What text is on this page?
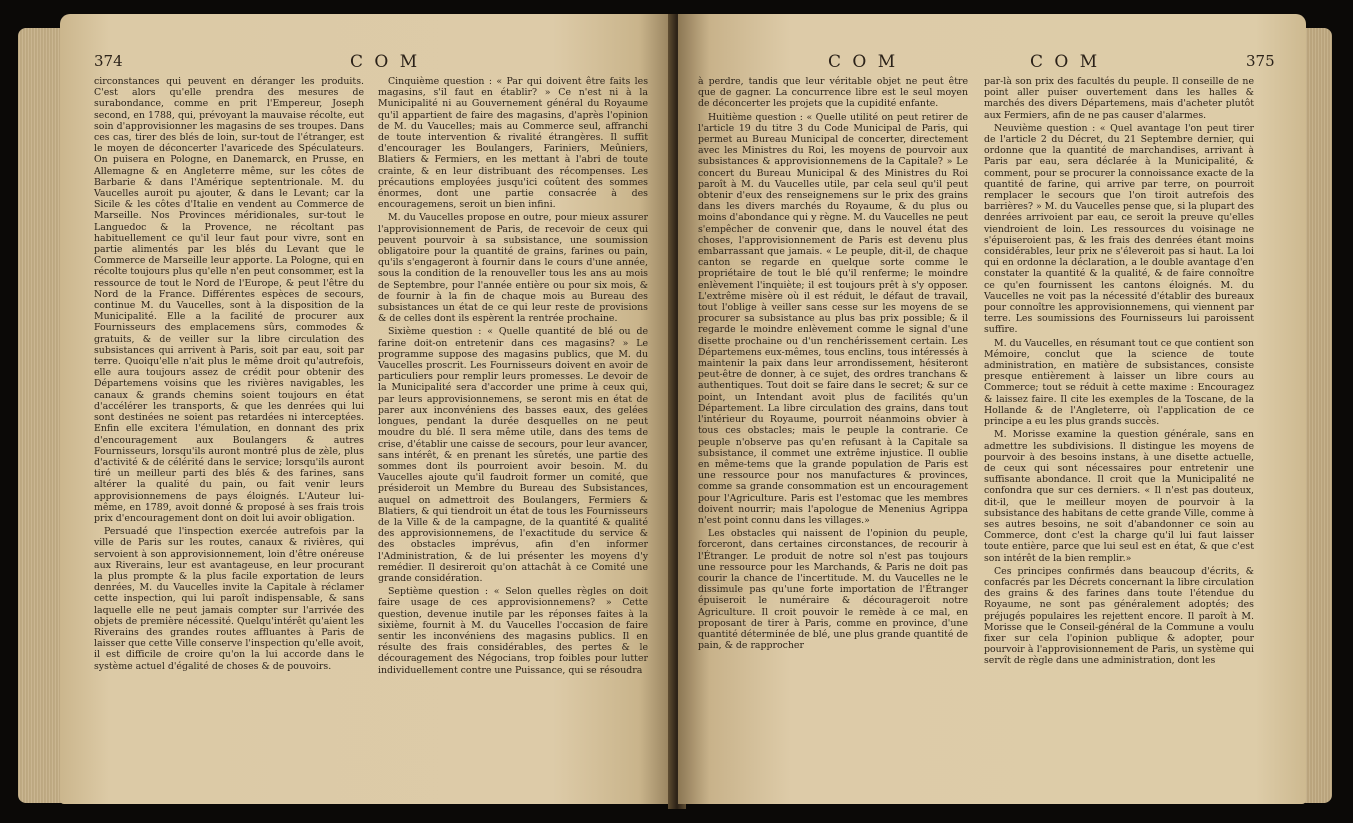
374	C O M

circonstances qui peuvent en déranger les produits. C'est alors qu'elle prendra des mesures de surabondance, comme en prit l'Empereur, Joseph second, en 1788, qui, prévoyant la mauvaise récolte, eut soin d'approvisionner les magasins de ses troupes. Dans ces cas, tirer des blés de loin, sur-tout de l'étranger, est le moyen de déconcerter l'avaricede des Spéculateurs. On puisera en Pologne, en Danemarck, en Prusse, en Allemagne & en Angleterre même, sur les côtes de Barbarie & dans l'Amérique septentrionale. M. du Vaucelles auroit pu ajouter, & dans le Levant; car la Sicile & les côtes d'Italie en vendent au Commerce de Marseille. Nos Provinces méridionales, sur-tout le Languedoc & la Provence, ne récoltant pas habituellement ce qu'il leur faut pour vivre, sont en partie alimentés par les blés du Levant que le Commerce de Marseille leur apporte. La Pologne, qui en récolte toujours plus qu'elle n'en peut consommer, est la ressource de tout le Nord de l'Europe, & peut l'être du Nord de la France. Différentes espèces de secours, continue M. du Vaucelles, sont à la disposition de la Municipalité. Elle a la facilité de procurer aux Fournisseurs des emplacemens sûrs, commodes & gratuits, & de veiller sur la libre circulation des subsistances qui arrivent à Paris, soit par eau, soit par terre. Quoiqu'elle n'ait plus le même droit qu'autrefois, elle aura toujours assez de crédit pour obtenir des Départemens voisins que les rivières navigables, les canaux & grands chemins soient toujours en état d'accélérer les transports, & que les denrées qui lui sont destinées ne soient pas retardées ni interceptées. Enfin elle excitera l'émulation, en donnant des prix d'encouragement aux Boulangers & autres Fournisseurs, lorsqu'ils auront montré plus de zèle, plus d'activité & de célérité dans le service; lorsqu'ils auront tiré un meilleur parti des blés & des farines, sans altérer la qualité du pain, ou fait venir leurs approvisionnemens de pays éloignés. L'Auteur lui-même, en 1789, avoit donné & proposé à ses frais trois prix d'encouragement dont on doit lui avoir obligation.

Persuadé que l'inspection exercée autrefois par la ville de Paris sur les routes, canaux & rivières, qui servoient à son approvisionnement, loin d'être onéreuse aux Riverains, leur est avantageuse, en leur procurant la plus prompte & la plus facile exportation de leurs denrées, M. du Vaucelles invite la Capitale à réclamer cette inspection, qui lui paroît indispensable, & sans laquelle elle ne peut jamais compter sur l'arrivée des objets de première nécessité. Quelqu'intérêt qu'aient les Riverains des grandes routes affluantes à Paris de laisser que cette Ville conserve l'inspection qu'elle avoit, il est difficile de croire qu'on la lui accorde dans le système actuel d'égalité de choses & de pouvoirs.

Cinquième question : « Par qui doivent être faits les magasins, s'il faut en établir? » Ce n'est ni à la Municipalité ni au Gouvernement général du Royaume qu'il appartient de faire des magasins, d'après l'opinion de M. du Vaucelles; mais au Commerce seul, affranchi de toute intervention & rivalité étrangères. Il suffit d'encourager les Boulangers, Fariniers, Meûniers, Blatiers & Fermiers, en les mettant à l'abri de toute crainte, & en leur distribuant des récompenses. Les précautions employées jusqu'ici coûtent des sommes énormes, dont une partie consacrée à des encouragemens, seroit un bien infini.

M. du Vaucelles propose en outre, pour mieux assurer l'approvisionnement de Paris, de recevoir de ceux qui peuvent pourvoir à sa subsistance, une soumission obligatoire pour la quantité de grains, farines ou pain, qu'ils s'engageront à fournir dans le cours d'une année, sous la condition de la renouveller tous les ans au mois de Septembre, pour l'année entière ou pour six mois, & de fournir à la fin de chaque mois au Bureau des subsistances un état de ce qui leur reste de provisions & de celles dont ils espèrent la rentrée prochaine.

Sixième question : « Quelle quantité de blé ou de farine doit-on entretenir dans ces magasins? » Le programme suppose des magasins publics, que M. du Vaucelles proscrit. Les Fournisseurs doivent en avoir de particuliers pour remplir leurs promesses. Le devoir de la Municipalité sera d'accorder une prime à ceux qui, par leurs approvisionnemens, se seront mis en état de parer aux inconvéniens des basses eaux, des gelées longues, pendant la durée desquelles on ne peut moudre du blé. Il sera même utile, dans des tems de crise, d'établir une caisse de secours, pour leur avancer, sans intérêt, & en prenant les sûretés, une partie des sommes dont ils pourroient avoir besoin. M. du Vaucelles ajoute qu'il faudroit former un comité, que présideroit un Membre du Bureau des Subsistances, auquel on admettroit des Boulangers, Fermiers & Blatiers, & qui tiendroit un état de tous les Fournisseurs de la Ville & de la campagne, de la quantité & qualité des approvisionnemens, de l'exactitude du service & des obstacles imprévus, afin d'en informer l'Administration, & de lui présenter les moyens d'y remédier. Il desireroit qu'on attachât à ce Comité une grande considération.

Septième question : « Selon quelles règles on doit faire usage de ces approvisionnemens? » Cette question, devenue inutile par les réponses faites à la sixième, fournit à M. du Vaucelles l'occasion de faire sentir les inconvéniens des magasins publics. Il en résulte des frais considérables, des pertes & le découragement des Négocians, trop foibles pour lutter individuellement contre une Puissance, qui se résoudra

C O M	C O M	375

à perdre, tandis que leur véritable objet ne peut être que de gagner. La concurrence libre est le seul moyen de déconcerter les projets que la cupidité enfante.

Huitième question : « Quelle utilité on peut retirer de l'article 19 du titre 3 du Code Municipal de Paris, qui permet au Bureau Municipal de concerter, directement avec les Ministres du Roi, les moyens de pourvoir aux subsistances & approvisionnemens de la Capitale? » Le concert du Bureau Municipal & des Ministres du Roi paroît à M. du Vaucelles utile, par cela seul qu'il peut obtenir d'eux des renseignemens sur le prix des grains dans les divers marchés du Royaume, & du plus ou moins d'abondance qui y règne. M. du Vaucelles ne peut s'empêcher de convenir que, dans le nouvel état des choses, l'approvisionnement de Paris est devenu plus embarrassant que jamais. « Le peuple, dit-il, de chaque canton se regarde en quelque sorte comme le propriétaire de tout le blé qu'il renferme; le moindre enlèvement l'inquiète; il est toujours prêt à s'y opposer. L'extrême misère où il est réduit, le défaut de travail, tout l'oblige à veiller sans cesse sur les moyens de se procurer sa subsistance au plus bas prix possible; & il regarde le moindre enlèvement comme le signal d'une disette prochaine ou d'un renchérissement certain. Les Départemens eux-mêmes, tous enclins, tous intéressés à maintenir la paix dans leur arrondissement, hésiteront peut-être de donner, à ce sujet, des ordres tranchans & authentiques. Tout doit se faire dans le secret; & sur ce point, un Intendant avoit plus de facilités qu'un Département. La libre circulation des grains, dans tout l'intérieur du Royaume, pourroit néanmoins obvier à tous ces obstacles; mais le peuple la contrarie. Ce peuple n'observe pas qu'en refusant à la Capitale sa subsistance, il commet une extrême injustice. Il oublie en même-tems que la grande population de Paris est une ressource pour nos manufactures & provinces, comme sa grande consommation est un encouragement pour l'Agriculture. Paris est l'estomac que les membres doivent nourrir; mais l'apologue de Menenius Agrippa n'est point connu dans les villages.»

Les obstacles qui naissent de l'opinion du peuple, forceront, dans certaines circonstances, de recourir à l'Étranger. Le produit de notre sol n'est pas toujours une ressource pour les Marchands, & Paris ne doit pas courir la chance de l'incertitude. M. du Vaucelles ne le dissimule pas qu'une forte importation de l'Étranger épuiseroit le numéraire & décourageroit notre Agriculture. Il croit pouvoir le remède à ce mal, en proposant de tirer à Paris, comme en province, d'une quantité déterminée de blé, une plus grande quantité de pain, & de rapprocher

par-là son prix des facultés du peuple. Il conseille de ne point aller puiser ouvertement dans les halles & marchés des divers Départemens, mais d'acheter plutôt aux Fermiers, afin de ne pas causer d'alarmes.

Neuvième question : « Quel avantage l'on peut tirer de l'article 2 du Décret, du 21 Septembre dernier, qui ordonne que la quantité de marchandises, arrivant à Paris par eau, sera déclarée à la Municipalité, & comment, pour se procurer la connoissance exacte de la quantité de farine, qui arrive par terre, on pourroit remplacer le secours que l'on tiroit autrefois des barrières? » M. du Vaucelles pense que, si la plupart des denrées arrivoient par eau, ce seroit la preuve qu'elles viendroient de loin. Les ressources du voisinage ne s'épuiseroient pas, & les frais des denrées étant moins considérables, leur prix ne s'éleveroit pas si haut. La loi qui en ordonne la déclaration, a le double avantage d'en constater la quantité & la qualité, & de faire connoître ce qu'en fournissent les cantons éloignés. M. du Vaucelles ne voit pas la nécessité d'établir des bureaux pour connoître les approvisionnemens, qui viennent par terre. Les soumissions des Fournisseurs lui paroissent suffire.

M. du Vaucelles, en résumant tout ce que contient son Mémoire, conclut que la science de toute administration, en matière de subsistances, consiste presque entièrement à laisser un libre cours au Commerce; tout se réduit à cette maxime : Encouragez & laissez faire. Il cite les exemples de la Toscane, de la Hollande & de l'Angleterre, où l'application de ce principe a eu les plus grands succès.

M. Morisse examine la question générale, sans en admettre les subdivisions. Il distingue les moyens de pourvoir à des besoins instans, à une disette actuelle, de ceux qui sont nécessaires pour entretenir une suffisante abondance. Il croit que la Municipalité ne confondra que sur ces derniers. « Il n'est pas douteux, dit-il, que le meilleur moyen de pourvoir à la subsistance des habitans de cette grande Ville, comme à ses autres besoins, ne soit d'abandonner ce soin au Commerce, dont c'est la charge qu'il lui faut laisser toute entière, parce que lui seul est en état, & que c'est son intérêt de la bien remplir.»

Ces principes confirmés dans beaucoup d'écrits, & confacrés par les Décrets concernant la libre circulation des grains & des farines dans toute l'étendue du Royaume, ne sont pas généralement adoptés; des préjugés populaires les rejettent encore. Il paroît à M. Morisse que le Conseil-général de la Commune a voulu fixer sur cela l'opinion publique & adopter, pour pourvoir à l'approvisionnement de Paris, un système qui servît de règle dans une administration, dont les
